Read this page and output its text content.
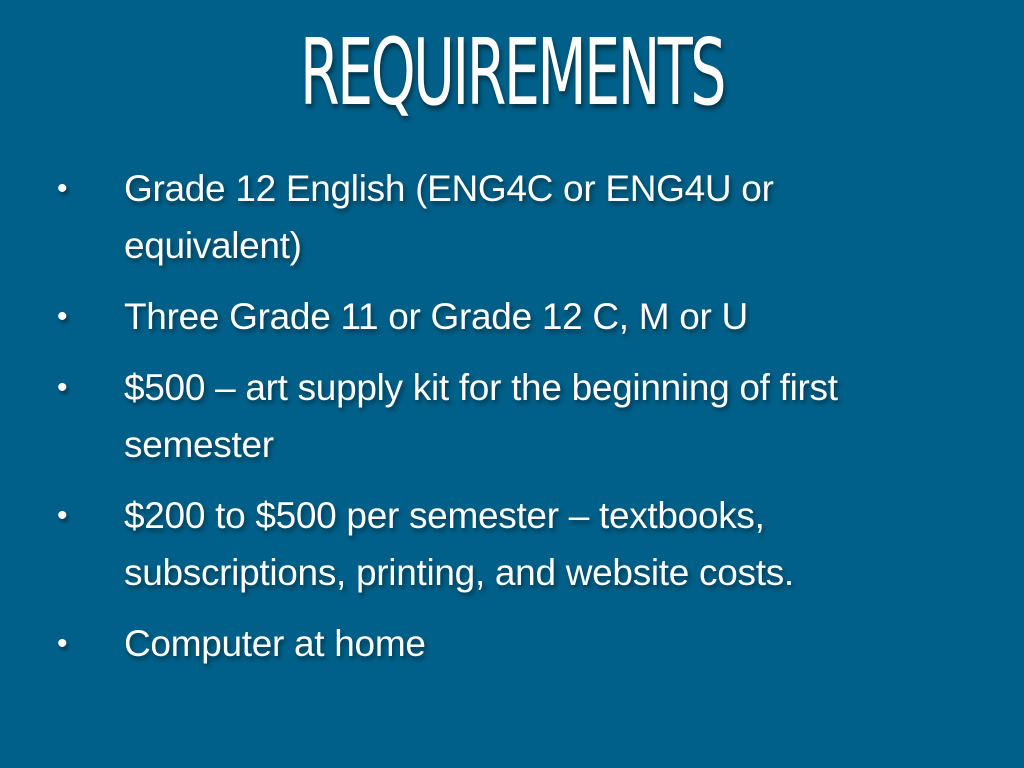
REQUIREMENTS
• Grade 12 English (ENG4C or ENG4U or equivalent)
• Three Grade 11 or Grade 12 C, M or U
• $500 – art supply kit for the beginning of first semester
• $200 to $500 per semester – textbooks, subscriptions, printing, and website costs.
• Computer at home
